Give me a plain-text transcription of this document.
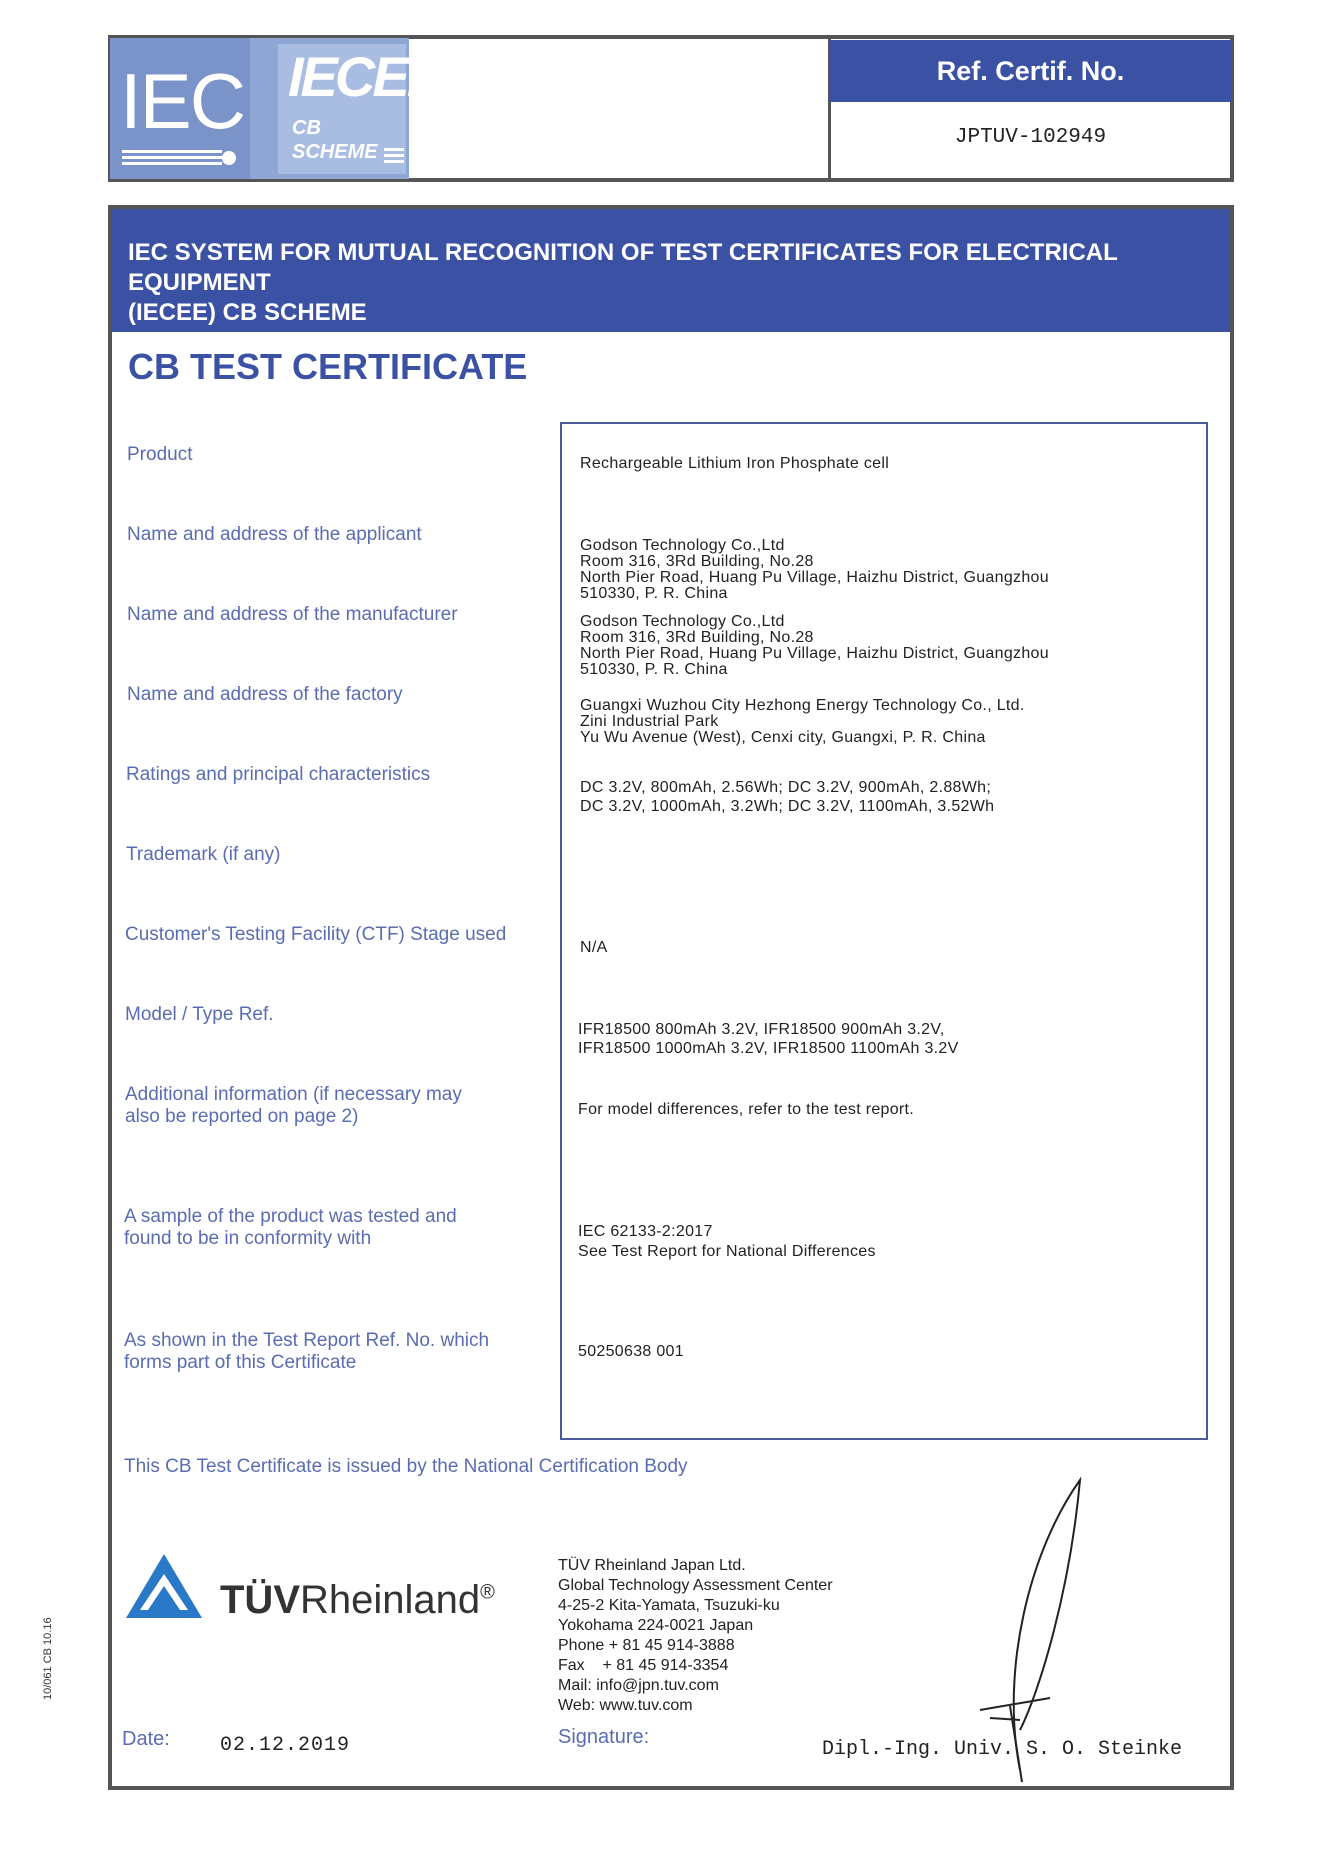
IEC IECEE
CB
SCHEME
Ref. Certif. No.
JPTUV-102949
IEC SYSTEM FOR MUTUAL RECOGNITION OF TEST CERTIFICATES FOR ELECTRICAL EQUIPMENT
(IECEE) CB SCHEME
CB TEST CERTIFICATE
Product
Name and address of the applicant
Name and address of the manufacturer
Name and address of the factory
Ratings and principal characteristics
Trademark (if any)
Customer's Testing Facility (CTF) Stage used
Model / Type Ref.
Additional information (if necessary may
also be reported on page 2)
A sample of the product was tested and
found to be in conformity with
As shown in the Test Report Ref. No. which
forms part of this Certificate
Rechargeable Lithium Iron Phosphate cell
Godson Technology Co.,Ltd
Room 316, 3Rd Building, No.28
North Pier Road, Huang Pu Village, Haizhu District, Guangzhou
510330, P. R. China
Godson Technology Co.,Ltd
Room 316, 3Rd Building, No.28
North Pier Road, Huang Pu Village, Haizhu District, Guangzhou
510330, P. R. China
Guangxi Wuzhou City Hezhong Energy Technology Co., Ltd.
Zini Industrial Park
Yu Wu Avenue (West), Cenxi city, Guangxi, P. R. China
DC 3.2V, 800mAh, 2.56Wh; DC 3.2V, 900mAh, 2.88Wh;
DC 3.2V, 1000mAh, 3.2Wh; DC 3.2V, 1100mAh, 3.52Wh
N/A
IFR18500 800mAh 3.2V, IFR18500 900mAh 3.2V,
IFR18500 1000mAh 3.2V, IFR18500 1100mAh 3.2V
For model differences, refer to the test report.
IEC 62133-2:2017
See Test Report for National Differences
50250638 001
This CB Test Certificate is issued by the National Certification Body
TÜVRheinland®
TÜV Rheinland Japan Ltd.
Global Technology Assessment Center
4-25-2 Kita-Yamata, Tsuzuki-ku
Yokohama 224-0021 Japan
Phone + 81 45 914-3888
Fax    + 81 45 914-3354
Mail: info@jpn.tuv.com
Web: www.tuv.com
Date:	02.12.2019	Signature:
Dipl.-Ing. Univ. S. O. Steinke
10/061 CB 10.16
